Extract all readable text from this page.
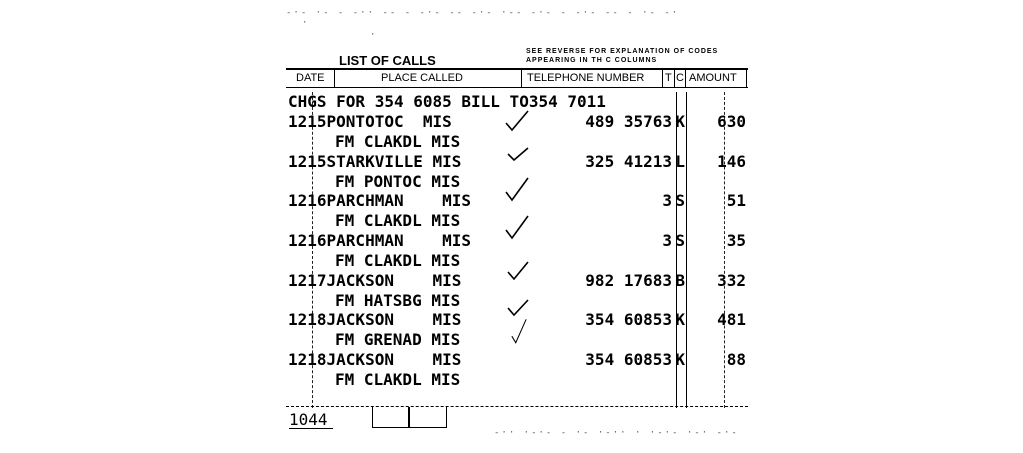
-·- ·- - -·· -- - -·- -- -·- ·-- -·- - -·- -- - ·- -·
·
·
LIST OF CALLS
SEE REVERSE FOR EXPLANATION OF CODES
APPEARING IN TH C COLUMNS
DATE	PLACE CALLED	TELEPHONE NUMBER T C AMOUNT
CHGS FOR 354 6085 BILL TO354 7011
1215PONTOTOC  MIS	489 35763 K	630
FM CLAKDL MIS
1215STARKVILLE MIS	325 41213 L	146
FM PONTOC MIS
1216PARCHMAN    MIS	3 S	51
FM CLAKDL MIS
1216PARCHMAN    MIS	3 S	35
FM CLAKDL MIS
1217JACKSON    MIS	982 17683 B	332
FM HATSBG MIS
1218JACKSON    MIS	354 60853 K	481
FM GRENAD MIS
1218JACKSON    MIS	354 60853 K	88
FM CLAKDL MIS
1044
-·· ·-·- - ·- ·-·· · ·-·- ·-· -·-
